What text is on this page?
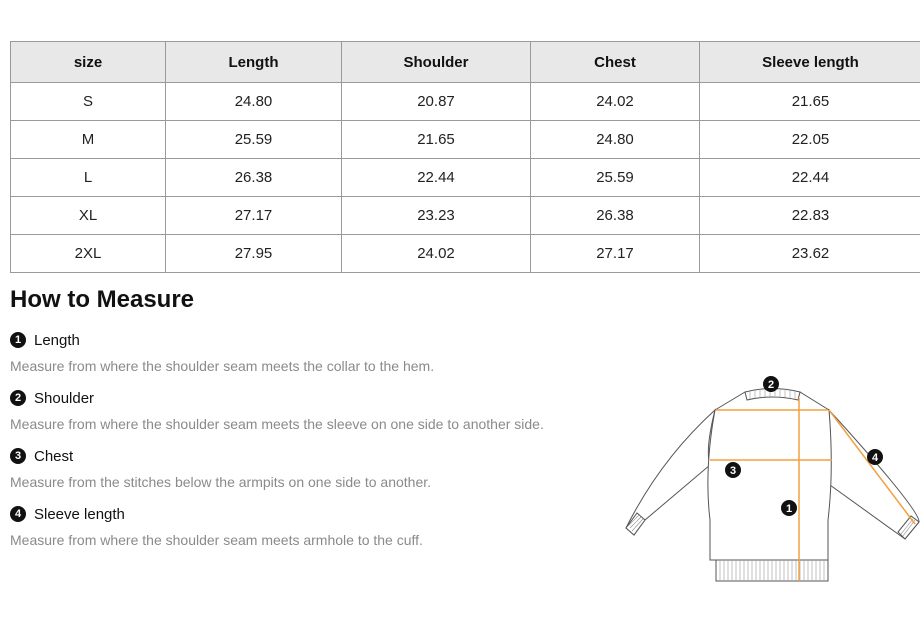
size	Length	Shoulder	Chest	Sleeve length
S	24.80	20.87	24.02	21.65
M	25.59	21.65	24.80	22.05
L	26.38	22.44	25.59	22.44
XL	27.17	23.23	26.38	22.83
2XL	27.95	24.02	27.17	23.62
How to Measure
1 Length
Measure from where the shoulder seam meets the collar to the hem.
2 Shoulder
Measure from where the shoulder seam meets the sleeve on one side to another side.
3 Chest
Measure from the stitches below the armpits on one side to another.
4 Sleeve length
Measure from where the shoulder seam meets armhole to the cuff.
2
3
1
4
